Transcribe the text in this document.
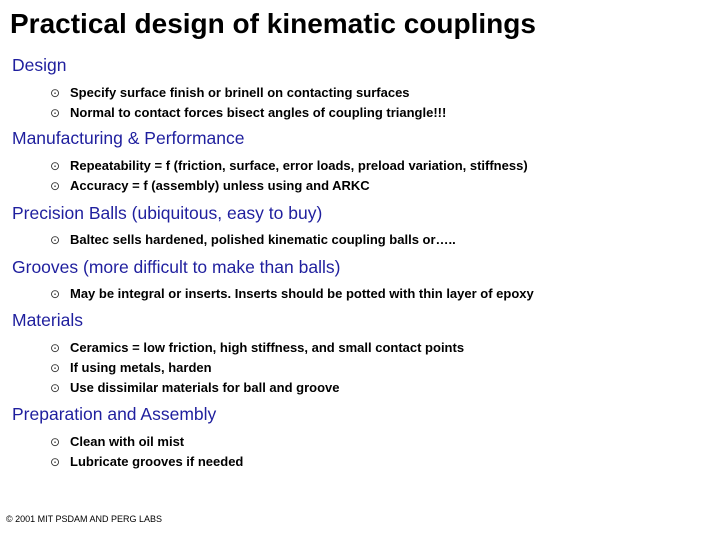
Practical design of kinematic couplings
Design
⊙ Specify surface finish or brinell on contacting surfaces
⊙ Normal to contact forces bisect angles of coupling triangle!!!
Manufacturing & Performance
⊙ Repeatability = f (friction, surface, error loads, preload variation, stiffness)
⊙ Accuracy = f (assembly) unless using and ARKC
Precision Balls (ubiquitous, easy to buy)
⊙ Baltec sells hardened, polished kinematic coupling balls or…..
Grooves (more difficult to make than balls)
⊙ May be integral or inserts. Inserts should be potted with thin layer of epoxy
Materials
⊙ Ceramics = low friction, high stiffness, and small contact points
⊙ If using metals, harden
⊙ Use dissimilar materials for ball and groove
Preparation and Assembly
⊙ Clean with oil mist
⊙ Lubricate grooves if needed
© 2001 MIT PSDAM AND PERG LABS
